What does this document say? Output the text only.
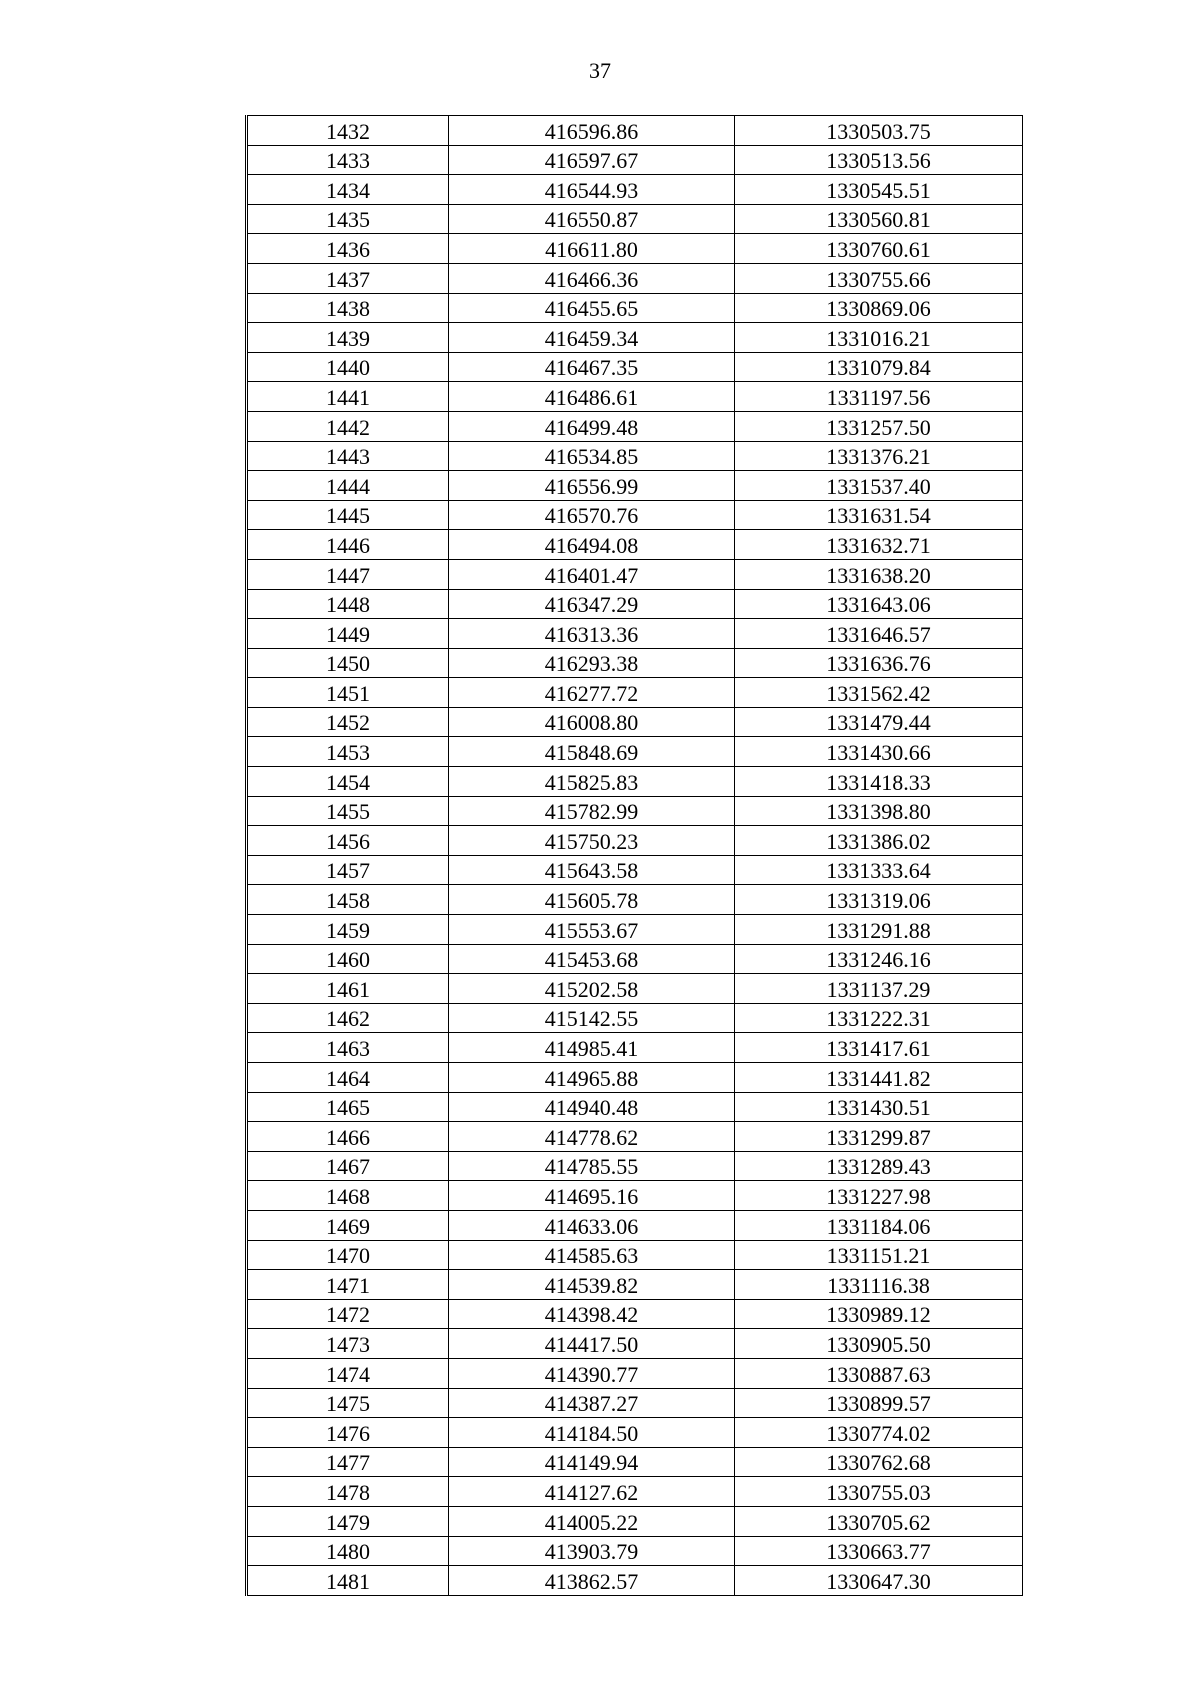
37
1432	416596.86	1330503.75
1433	416597.67	1330513.56
1434	416544.93	1330545.51
1435	416550.87	1330560.81
1436	416611.80	1330760.61
1437	416466.36	1330755.66
1438	416455.65	1330869.06
1439	416459.34	1331016.21
1440	416467.35	1331079.84
1441	416486.61	1331197.56
1442	416499.48	1331257.50
1443	416534.85	1331376.21
1444	416556.99	1331537.40
1445	416570.76	1331631.54
1446	416494.08	1331632.71
1447	416401.47	1331638.20
1448	416347.29	1331643.06
1449	416313.36	1331646.57
1450	416293.38	1331636.76
1451	416277.72	1331562.42
1452	416008.80	1331479.44
1453	415848.69	1331430.66
1454	415825.83	1331418.33
1455	415782.99	1331398.80
1456	415750.23	1331386.02
1457	415643.58	1331333.64
1458	415605.78	1331319.06
1459	415553.67	1331291.88
1460	415453.68	1331246.16
1461	415202.58	1331137.29
1462	415142.55	1331222.31
1463	414985.41	1331417.61
1464	414965.88	1331441.82
1465	414940.48	1331430.51
1466	414778.62	1331299.87
1467	414785.55	1331289.43
1468	414695.16	1331227.98
1469	414633.06	1331184.06
1470	414585.63	1331151.21
1471	414539.82	1331116.38
1472	414398.42	1330989.12
1473	414417.50	1330905.50
1474	414390.77	1330887.63
1475	414387.27	1330899.57
1476	414184.50	1330774.02
1477	414149.94	1330762.68
1478	414127.62	1330755.03
1479	414005.22	1330705.62
1480	413903.79	1330663.77
1481	413862.57	1330647.30
